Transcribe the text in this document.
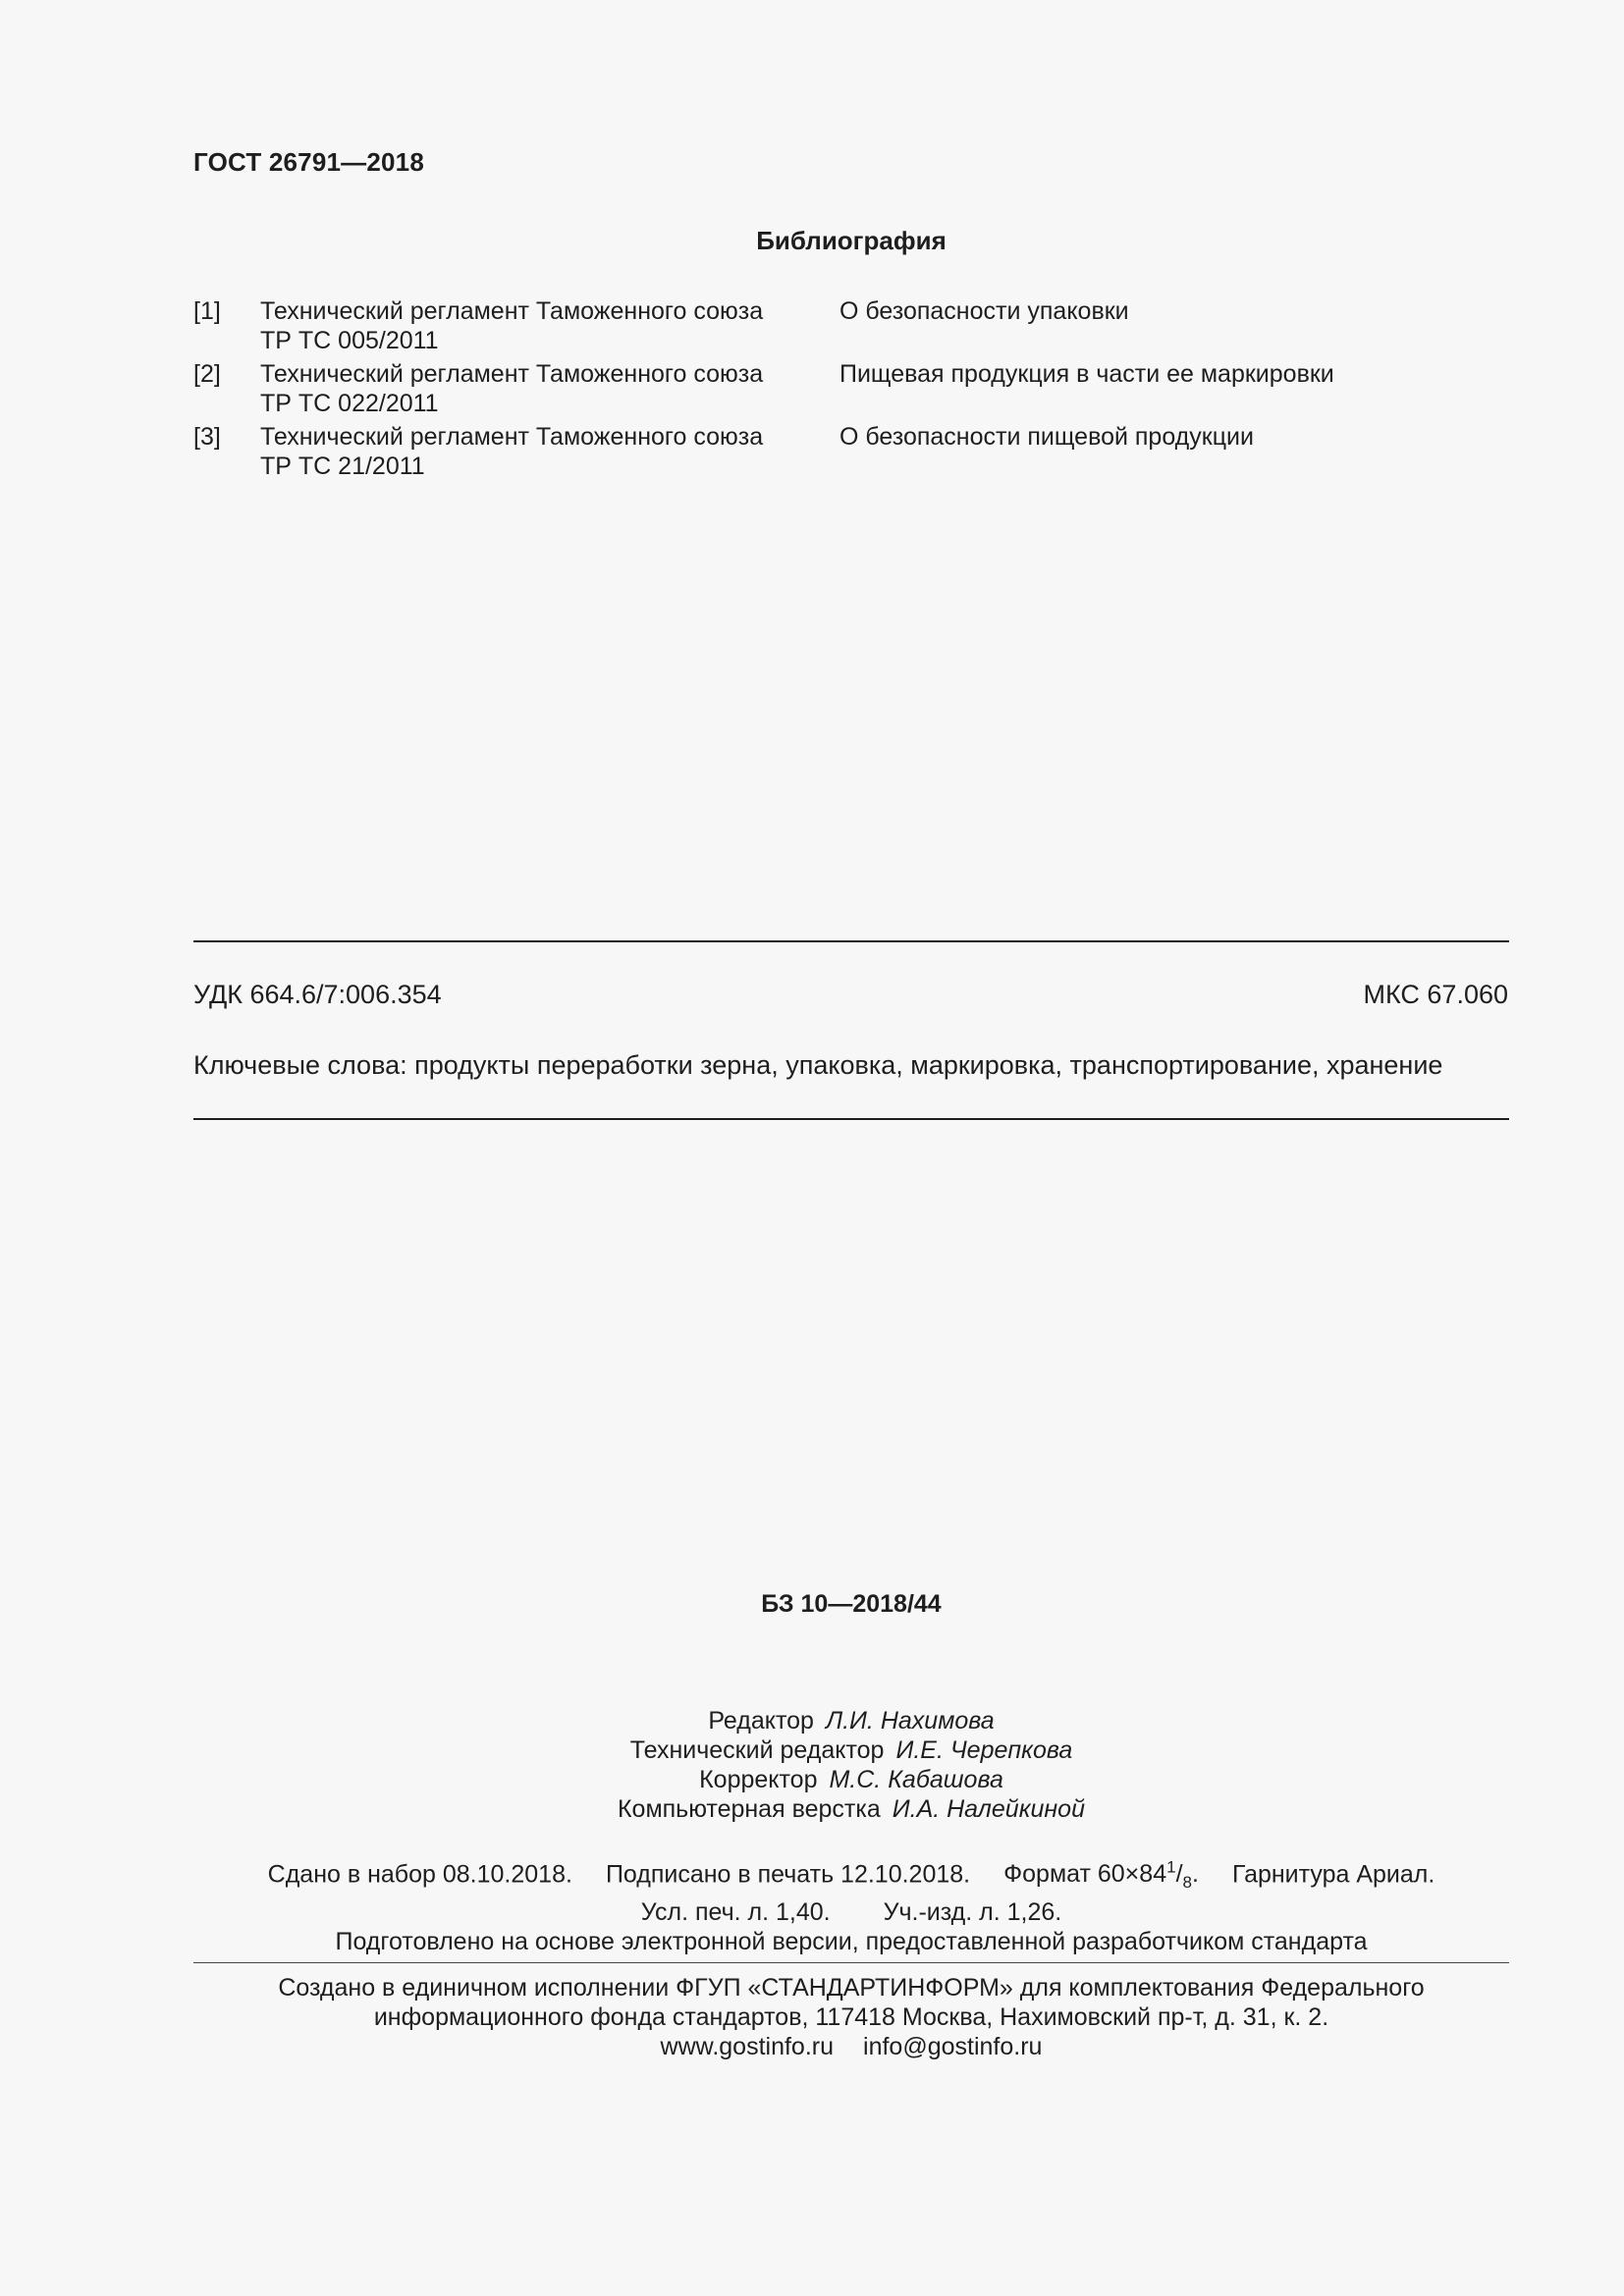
ГОСТ 26791—2018
Библиография
[1] Технический регламент Таможенного союза
ТР ТС 005/2011
О безопасности упаковки
[2] Технический регламент Таможенного союза
ТР ТС 022/2011
Пищевая продукция в части ее маркировки
[3] Технический регламент Таможенного союза
ТР ТС 21/2011
О безопасности пищевой продукции
УДК 664.6/7:006.354	МКС 67.060
Ключевые слова: продукты переработки зерна, упаковка, маркировка, транспортирование, хранение
БЗ 10—2018/44
Редактор Л.И. Нахимова
Технический редактор И.Е. Черепкова
Корректор М.С. Кабашова
Компьютерная верстка И.А. Налейкиной
Сдано в набор 08.10.2018. Подписано в печать 12.10.2018. Формат $60\times 84^1/_8$. Гарнитура Ариал.
Усл. печ. л. 1,40. Уч.-изд. л. 1,26.
Подготовлено на основе электронной версии, предоставленной разработчиком стандарта
Создано в единичном исполнении ФГУП «СТАНДАРТИНФОРМ» для комплектования Федерального
информационного фонда стандартов, 117418 Москва, Нахимовский пр-т, д. 31, к. 2.
www.gostinfo.ru info@gostinfo.ru
